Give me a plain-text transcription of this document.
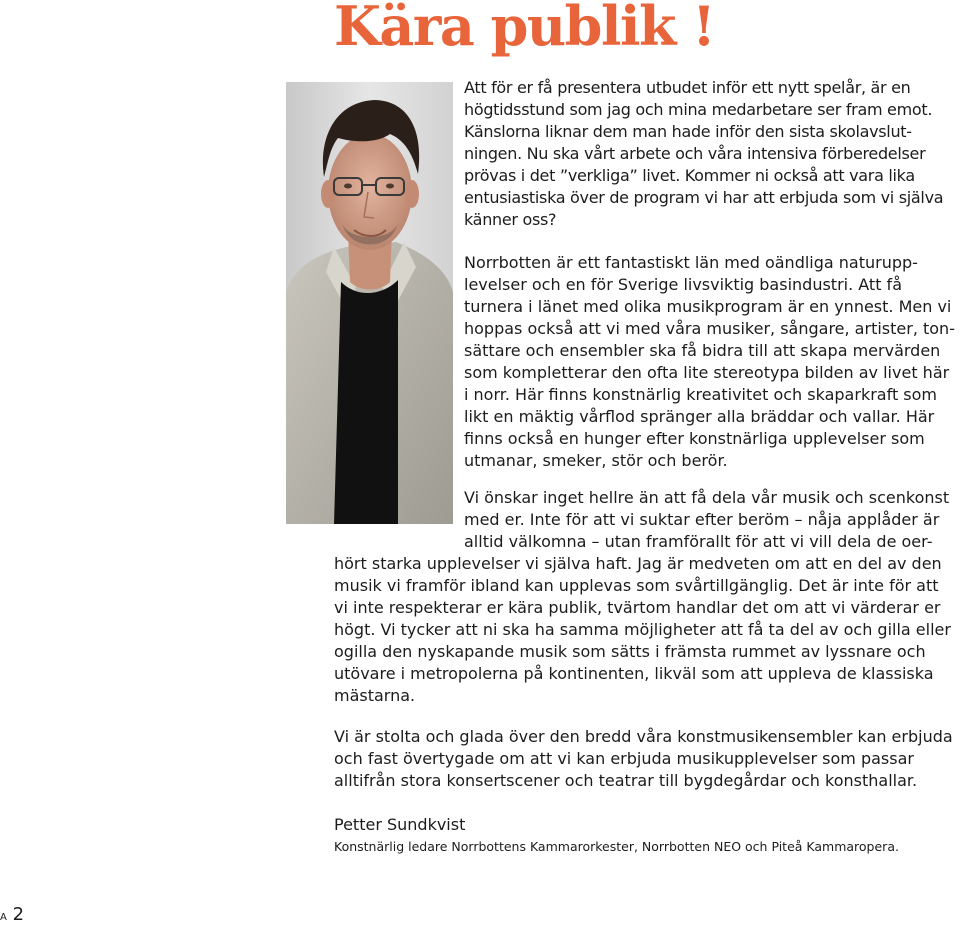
Kära publik !
Att för er få presentera utbudet inför ett nytt spelår, är en
högtidsstund som jag och mina medarbetare ser fram emot.
Känslorna liknar dem man hade inför den sista skolavslut-
ningen. Nu ska vårt arbete och våra intensiva förberedelser
prövas i det ”verkliga” livet. Kommer ni också att vara lika
entusiastiska över de program vi har att erbjuda som vi själva
känner oss?
Norrbotten är ett fantastiskt län med oändliga naturupp-
levelser och en för Sverige livsviktig basindustri. Att få
turnera i länet med olika musikprogram är en ynnest. Men vi
hoppas också att vi med våra musiker, sångare, artister, ton-
sättare och ensembler ska få bidra till att skapa mervärden
som kompletterar den ofta lite stereotypa bilden av livet här
i norr. Här finns konstnärlig kreativitet och skaparkraft som
likt en mäktig vårflod spränger alla bräddar och vallar. Här
finns också en hunger efter konstnärliga upplevelser som
utmanar, smeker, stör och berör.
Vi önskar inget hellre än att få dela vår musik och scenkonst
med er. Inte för att vi suktar efter beröm – nåja applåder är
alltid välkomna – utan framförallt för att vi vill dela de oer-
hört starka upplevelser vi själva haft. Jag är medveten om att en del av den
musik vi framför ibland kan upplevas som svårtillgänglig. Det är inte för att
vi inte respekterar er kära publik, tvärtom handlar det om att vi värderar er
högt. Vi tycker att ni ska ha samma möjligheter att få ta del av och gilla eller
ogilla den nyskapande musik som sätts i främsta rummet av lyssnare och
utövare i metropolerna på kontinenten, likväl som att uppleva de klassiska
mästarna.
Vi är stolta och glada över den bredd våra konstmusikensembler kan erbjuda
och fast övertygade om att vi kan erbjuda musikupplevelser som passar
alltifrån stora konsertscener och teatrar till bygdegårdar och konsthallar.
Petter Sundkvist
Konstnärlig ledare Norrbottens Kammarorkester, Norrbotten NEO och Piteå Kammaropera.
A 2
